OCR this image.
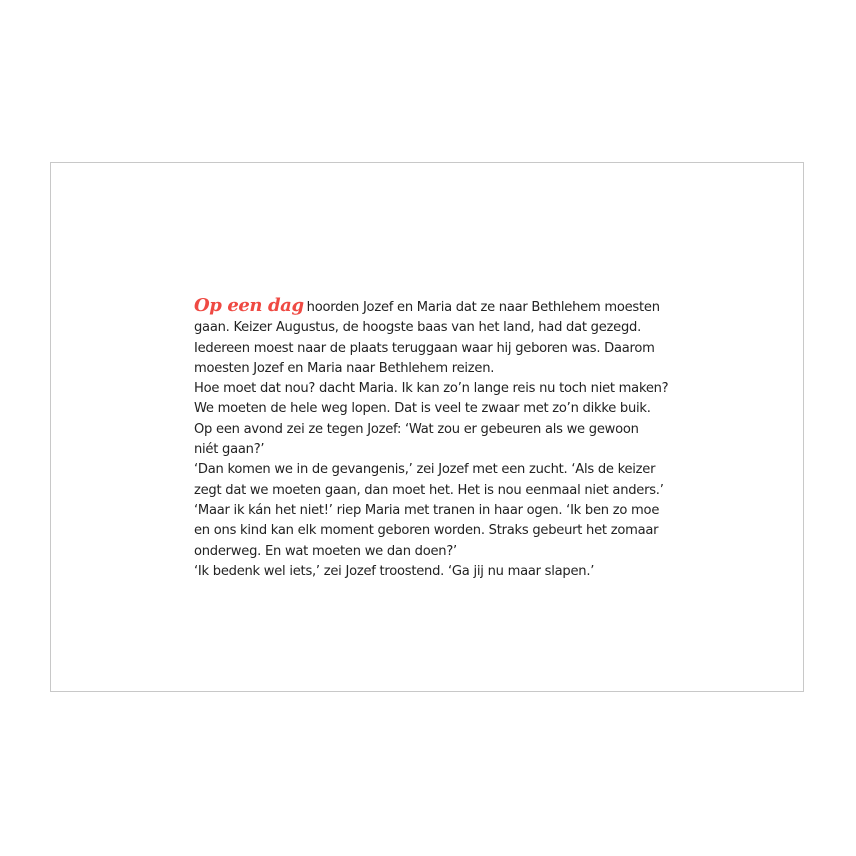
Op een dag hoorden Jozef en Maria dat ze naar Bethlehem moesten
gaan. Keizer Augustus, de hoogste baas van het land, had dat gezegd.
Iedereen moest naar de plaats teruggaan waar hij geboren was. Daarom
moesten Jozef en Maria naar Bethlehem reizen.
Hoe moet dat nou? dacht Maria. Ik kan zo’n lange reis nu toch niet maken?
We moeten de hele weg lopen. Dat is veel te zwaar met zo’n dikke buik.
Op een avond zei ze tegen Jozef: ‘Wat zou er gebeuren als we gewoon
niét gaan?’
‘Dan komen we in de gevangenis,’ zei Jozef met een zucht. ‘Als de keizer
zegt dat we moeten gaan, dan moet het. Het is nou eenmaal niet anders.’
‘Maar ik kán het niet!’ riep Maria met tranen in haar ogen. ‘Ik ben zo moe
en ons kind kan elk moment geboren worden. Straks gebeurt het zomaar
onderweg. En wat moeten we dan doen?’
‘Ik bedenk wel iets,’ zei Jozef troostend. ‘Ga jij nu maar slapen.’
